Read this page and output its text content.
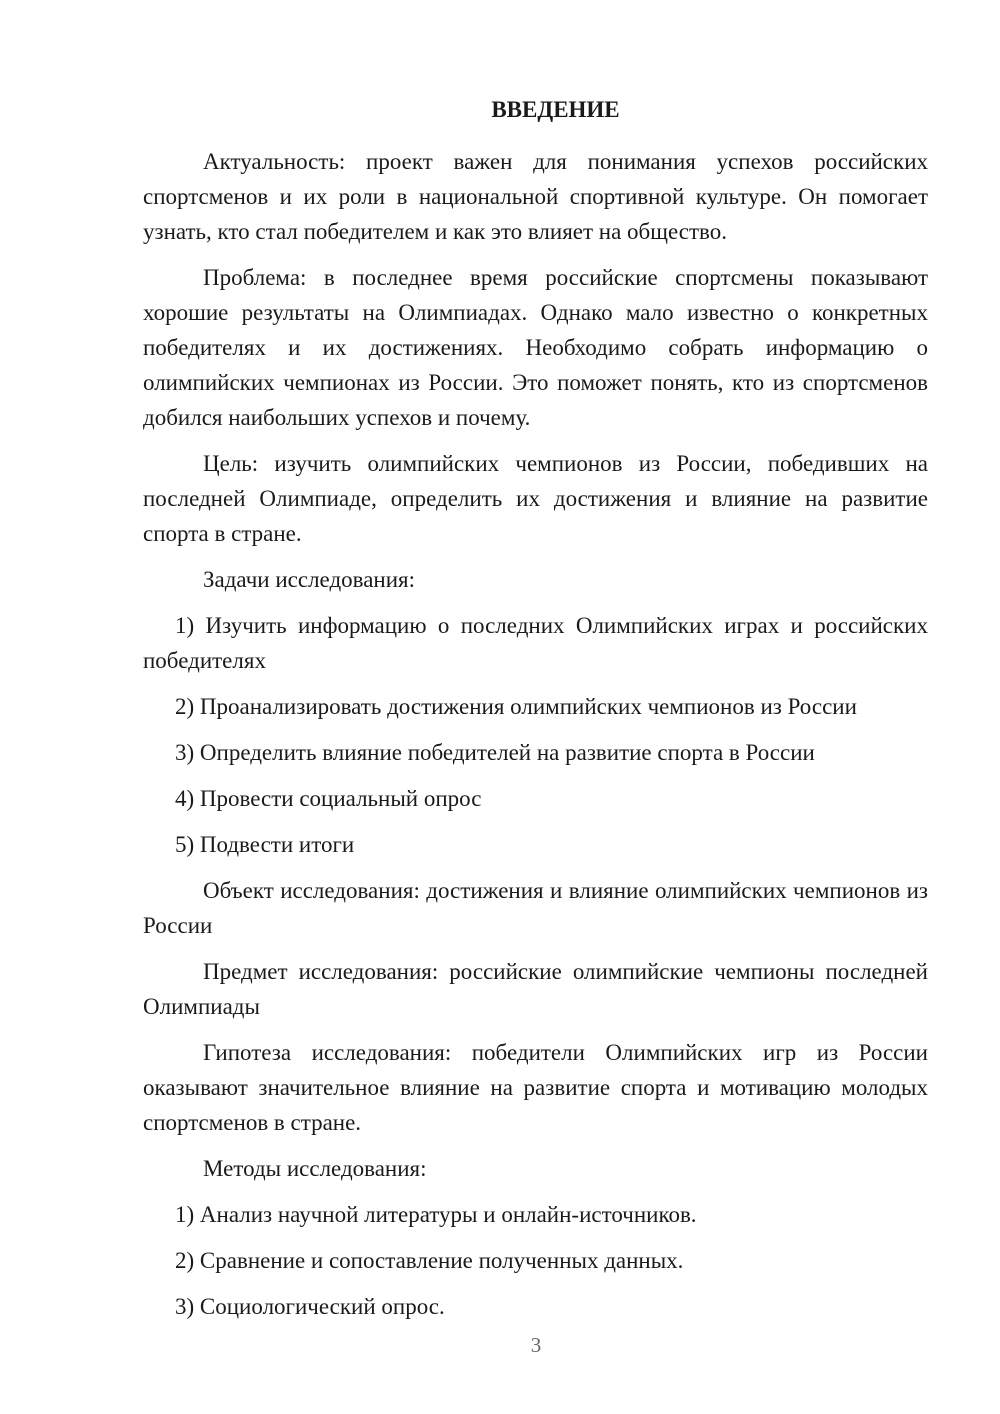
ВВЕДЕНИЕ

Актуальность: проект важен для понимания успехов российских спортсменов и их роли в национальной спортивной культуре. Он помогает узнать, кто стал победителем и как это влияет на общество.

Проблема: в последнее время российские спортсмены показывают хорошие результаты на Олимпиадах. Однако мало известно о конкретных победителях и их достижениях. Необходимо собрать информацию о олимпийских чемпионах из России. Это поможет понять, кто из спортсменов добился наибольших успехов и почему.

Цель: изучить олимпийских чемпионов из России, победивших на последней Олимпиаде, определить их достижения и влияние на развитие спорта в стране.

Задачи исследования:

1) Изучить информацию о последних Олимпийских играх и российских победителях

2) Проанализировать достижения олимпийских чемпионов из России

3) Определить влияние победителей на развитие спорта в России

4) Провести социальный опрос

5) Подвести итоги

Объект исследования: достижения и влияние олимпийских чемпионов из России

Предмет исследования: российские олимпийские чемпионы последней Олимпиады

Гипотеза исследования: победители Олимпийских игр из России оказывают значительное влияние на развитие спорта и мотивацию молодых спортсменов в стране.

Методы исследования:

1) Анализ научной литературы и онлайн-источников.

2) Сравнение и сопоставление полученных данных.

3) Социологический опрос.

3
